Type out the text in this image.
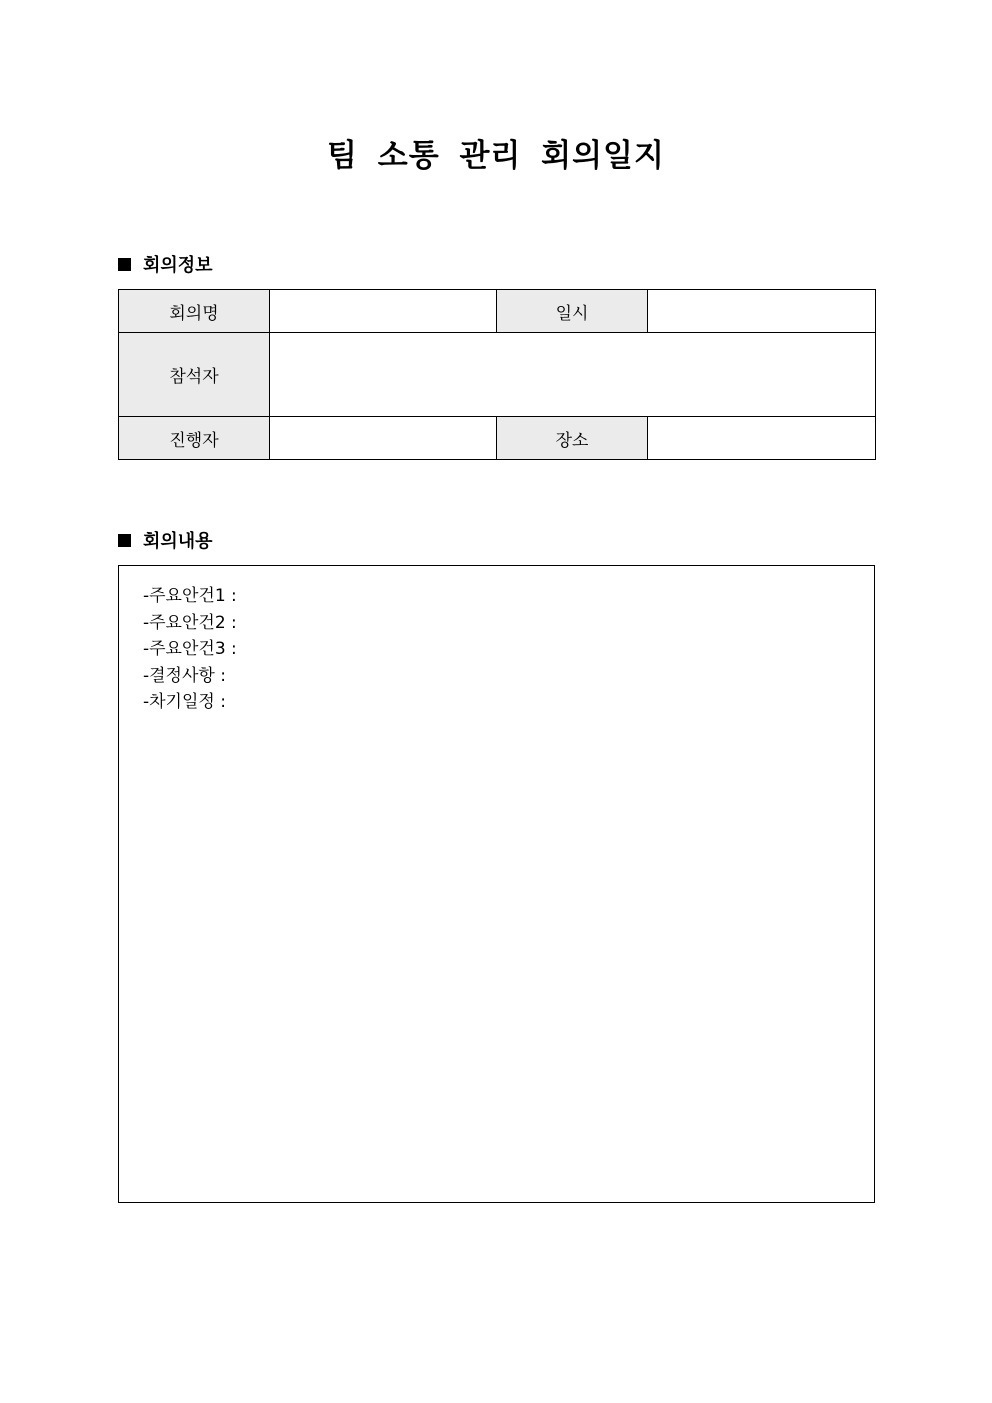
팀 소통 관리 회의일지
회의정보
회의명		일시	
참석자			
진행자		장소	
회의내용
-주요안건1 :
-주요안건2 :
-주요안건3 :
-결정사항 :
-차기일정 :
